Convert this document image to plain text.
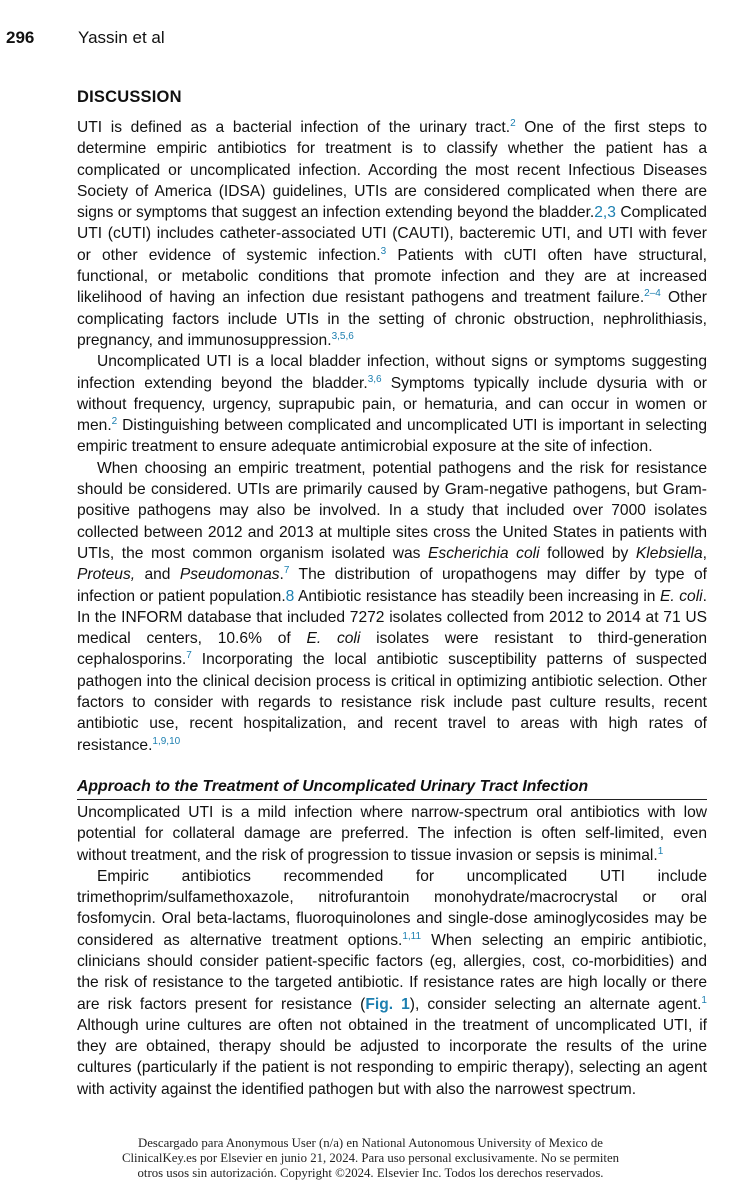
296	Yassin et al
DISCUSSION

UTI is defined as a bacterial infection of the urinary tract.$^2$ One of the first steps to determine empiric antibiotics for treatment is to classify whether the patient has a complicated or uncomplicated infection. According the most recent Infectious Diseases Society of America (IDSA) guidelines, UTIs are considered complicated when there are signs or symptoms that suggest an infection extending beyond the bladder.2,3 Complicated UTI (cUTI) includes catheter-associated UTI (CAUTI), bacteremic UTI, and UTI with fever or other evidence of systemic infection.$^3$ Patients with cUTI often have structural, functional, or metabolic conditions that promote infection and they are at increased likelihood of having an infection due resistant pathogens and treatment failure.$^{2-4}$ Other complicating factors include UTIs in the setting of chronic obstruction, nephrolithiasis, pregnancy, and immunosuppression.$^{3,5,6}$

Uncomplicated UTI is a local bladder infection, without signs or symptoms suggesting infection extending beyond the bladder.$^{3,6}$ Symptoms typically include dysuria with or without frequency, urgency, suprapubic pain, or hematuria, and can occur in women or men.$^2$ Distinguishing between complicated and uncomplicated UTI is important in selecting empiric treatment to ensure adequate antimicrobial exposure at the site of infection.

When choosing an empiric treatment, potential pathogens and the risk for resistance should be considered. UTIs are primarily caused by Gram-negative pathogens, but Gram-positive pathogens may also be involved. In a study that included over 7000 isolates collected between 2012 and 2013 at multiple sites cross the United States in patients with UTIs, the most common organism isolated was Escherichia coli followed by Klebsiella, Proteus, and Pseudomonas.$^7$ The distribution of uropathogens may differ by type of infection or patient population.8 Antibiotic resistance has steadily been increasing in E. coli. In the INFORM database that included 7272 isolates collected from 2012 to 2014 at 71 US medical centers, 10.6% of E. coli isolates were resistant to third-generation cephalosporins.$^7$ Incorporating the local antibiotic susceptibility patterns of suspected pathogen into the clinical decision process is critical in optimizing antibiotic selection. Other factors to consider with regards to resistance risk include past culture results, recent antibiotic use, recent hospitalization, and recent travel to areas with high rates of resistance.$^{1,9,10}$

Approach to the Treatment of Uncomplicated Urinary Tract Infection

Uncomplicated UTI is a mild infection where narrow-spectrum oral antibiotics with low potential for collateral damage are preferred. The infection is often self-limited, even without treatment, and the risk of progression to tissue invasion or sepsis is minimal.$^1$

Empiric antibiotics recommended for uncomplicated UTI include trimethoprim/sulfamethoxazole, nitrofurantoin monohydrate/macrocrystal or oral fosfomycin. Oral beta-lactams, fluoroquinolones and single-dose aminoglycosides may be considered as alternative treatment options.$^{1,11}$ When selecting an empiric antibiotic, clinicians should consider patient-specific factors (eg, allergies, cost, co-morbidities) and the risk of resistance to the targeted antibiotic. If resistance rates are high locally or there are risk factors present for resistance (Fig. 1), consider selecting an alternate agent.$^1$ Although urine cultures are often not obtained in the treatment of uncomplicated UTI, if they are obtained, therapy should be adjusted to incorporate the results of the urine cultures (particularly if the patient is not responding to empiric therapy), selecting an agent with activity against the identified pathogen but with also the narrowest spectrum.

Descargado para Anonymous User (n/a) en National Autonomous University of Mexico de
ClinicalKey.es por Elsevier en junio 21, 2024. Para uso personal exclusivamente. No se permiten
otros usos sin autorización. Copyright ©2024. Elsevier Inc. Todos los derechos reservados.
